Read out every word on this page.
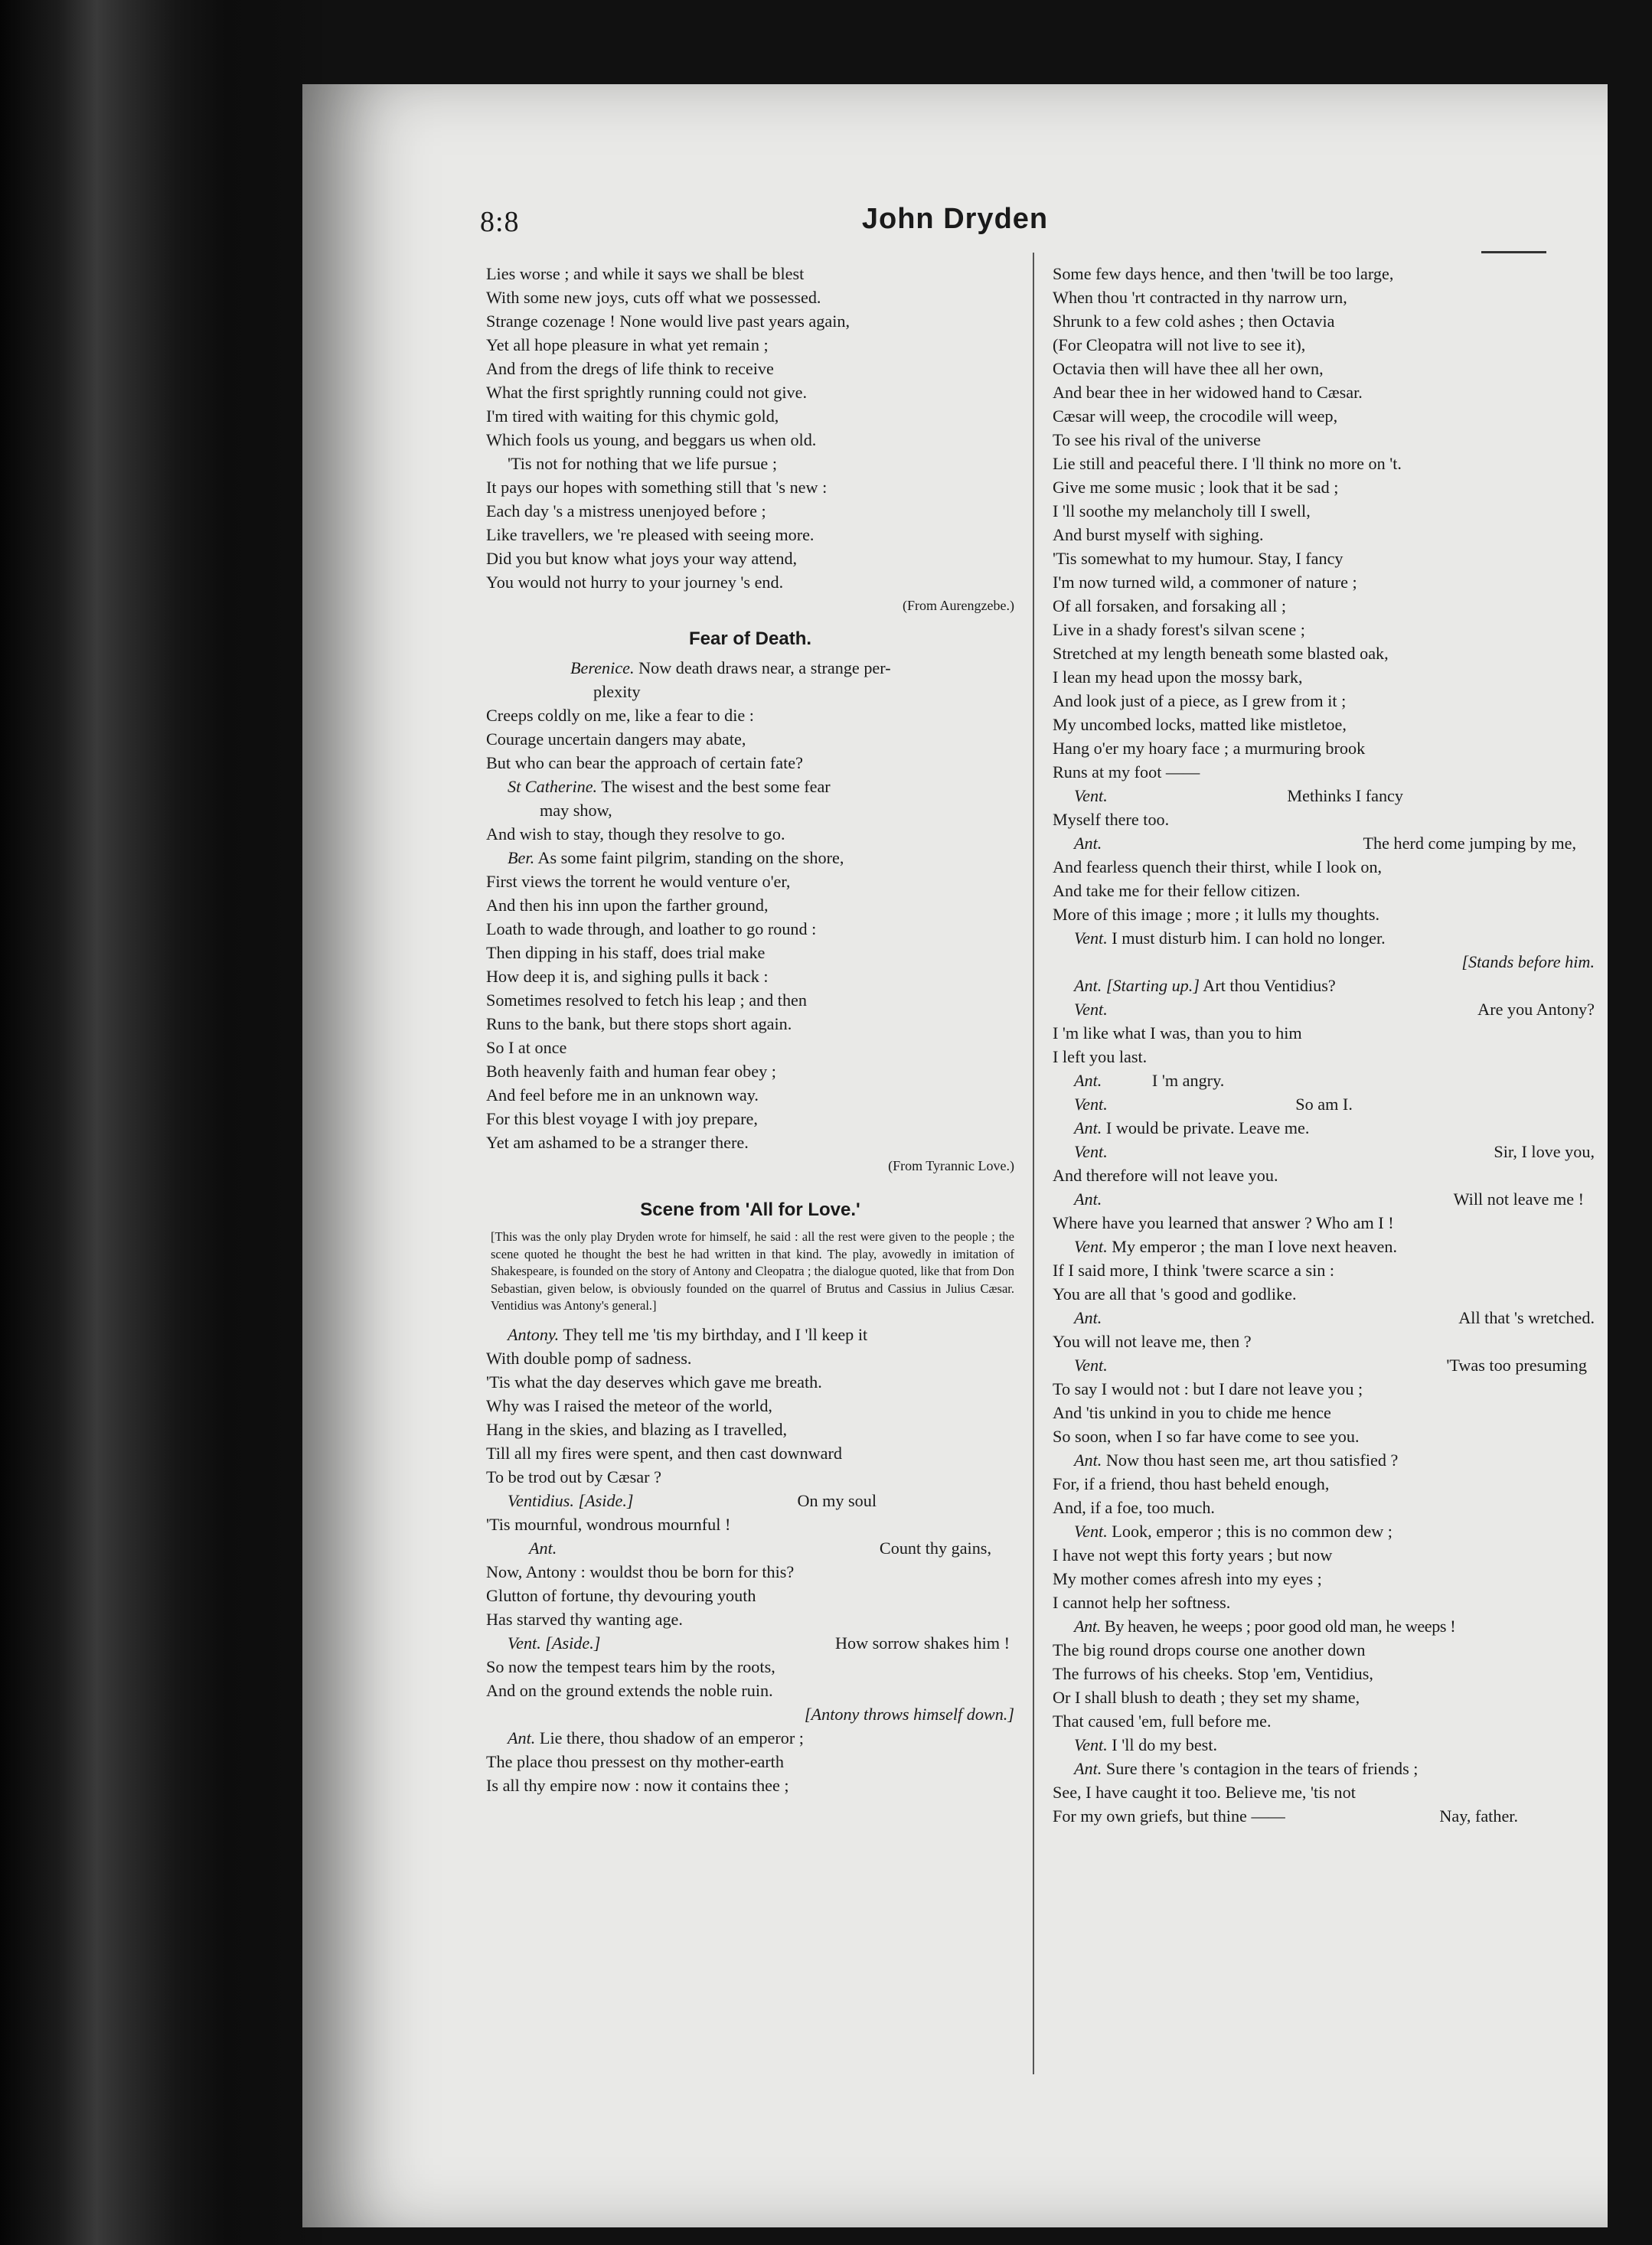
8:8	John Dryden
Lies worse ; and while it says we shall be blest
With some new joys, cuts off what we possessed.
Strange cozenage ! None would live past years again,
Yet all hope pleasure in what yet remain ;
And from the dregs of life think to receive
What the first sprightly running could not give.
I'm tired with waiting for this chymic gold,
Which fools us young, and beggars us when old.
'Tis not for nothing that we life pursue ;
It pays our hopes with something still that 's new :
Each day 's a mistress unenjoyed before ;
Like travellers, we 're pleased with seeing more.
Did you but know what joys your way attend,
You would not hurry to your journey 's end.
(From Aurengzebe.)
Fear of Death.
Berenice. Now death draws near, a strange per-
plexity
Creeps coldly on me, like a fear to die :
Courage uncertain dangers may abate,
But who can bear the approach of certain fate?
St Catherine. The wisest and the best some fear
may show,
And wish to stay, though they resolve to go.
Ber. As some faint pilgrim, standing on the shore,
First views the torrent he would venture o'er,
And then his inn upon the farther ground,
Loath to wade through, and loather to go round :
Then dipping in his staff, does trial make
How deep it is, and sighing pulls it back :
Sometimes resolved to fetch his leap ; and then
Runs to the bank, but there stops short again.
So I at once
Both heavenly faith and human fear obey ;
And feel before me in an unknown way.
For this blest voyage I with joy prepare,
Yet am ashamed to be a stranger there.
(From Tyrannic Love.)
Scene from 'All for Love.'
[This was the only play Dryden wrote for himself, he said : all the rest were given to the people ; the scene quoted he thought the best he had written in that kind. The play, avowedly in imitation of Shakespeare, is founded on the story of Antony and Cleopatra ; the dialogue quoted, like that from Don Sebastian, given below, is obviously founded on the quarrel of Brutus and Cassius in Julius Cæsar. Ventidius was Antony's general.]
Antony. They tell me 'tis my birthday, and I 'll keep it
With double pomp of sadness.
'Tis what the day deserves which gave me breath.
Why was I raised the meteor of the world,
Hang in the skies, and blazing as I travelled,
Till all my fires were spent, and then cast downward
To be trod out by Cæsar ?
Ventidius. [Aside.]	On my soul
'Tis mournful, wondrous mournful !
Ant.	Count thy gains,
Now, Antony : wouldst thou be born for this?
Glutton of fortune, thy devouring youth
Has starved thy wanting age.
Vent. [Aside.]	How sorrow shakes him !
So now the tempest tears him by the roots,
And on the ground extends the noble ruin.
[Antony throws himself down.]
Ant. Lie there, thou shadow of an emperor ;
The place thou pressest on thy mother-earth
Is all thy empire now : now it contains thee ;
Some few days hence, and then 'twill be too large,
When thou 'rt contracted in thy narrow urn,
Shrunk to a few cold ashes ; then Octavia
(For Cleopatra will not live to see it),
Octavia then will have thee all her own,
And bear thee in her widowed hand to Cæsar.
Cæsar will weep, the crocodile will weep,
To see his rival of the universe
Lie still and peaceful there. I 'll think no more on 't.
Give me some music ; look that it be sad ;
I 'll soothe my melancholy till I swell,
And burst myself with sighing.
'Tis somewhat to my humour. Stay, I fancy
I'm now turned wild, a commoner of nature ;
Of all forsaken, and forsaking all ;
Live in a shady forest's silvan scene ;
Stretched at my length beneath some blasted oak,
I lean my head upon the mossy bark,
And look just of a piece, as I grew from it ;
My uncombed locks, matted like mistletoe,
Hang o'er my hoary face ; a murmuring brook
Runs at my foot ——
Vent.	Methinks I fancy
Myself there too.
Ant.	The herd come jumping by me,
And fearless quench their thirst, while I look on,
And take me for their fellow citizen.
More of this image ; more ; it lulls my thoughts.
Vent. I must disturb him. I can hold no longer.
[Stands before him.
Ant. [Starting up.] Art thou Ventidius?
Vent.	Are you Antony?
I 'm like what I was, than you to him
I left you last.
Ant.	I 'm angry.
Vent.	So am I.
Ant. I would be private. Leave me.
Vent.	Sir, I love you,
And therefore will not leave you.
Ant.	Will not leave me !
Where have you learned that answer ? Who am I !
Vent. My emperor ; the man I love next heaven.
If I said more, I think 'twere scarce a sin :
You are all that 's good and godlike.
Ant.	All that 's wretched.
You will not leave me, then ?
Vent.	'Twas too presuming
To say I would not : but I dare not leave you ;
And 'tis unkind in you to chide me hence
So soon, when I so far have come to see you.
Ant. Now thou hast seen me, art thou satisfied ?
For, if a friend, thou hast beheld enough,
And, if a foe, too much.
Vent. Look, emperor ; this is no common dew ;
I have not wept this forty years ; but now
My mother comes afresh into my eyes ;
I cannot help her softness.
Ant. By heaven, he weeps ; poor good old man, he weeps !
The big round drops course one another down
The furrows of his cheeks. Stop 'em, Ventidius,
Or I shall blush to death ; they set my shame,
That caused 'em, full before me.
Vent. I 'll do my best.
Ant. Sure there 's contagion in the tears of friends ;
See, I have caught it too. Believe me, 'tis not
For my own griefs, but thine ——	Nay, father.
